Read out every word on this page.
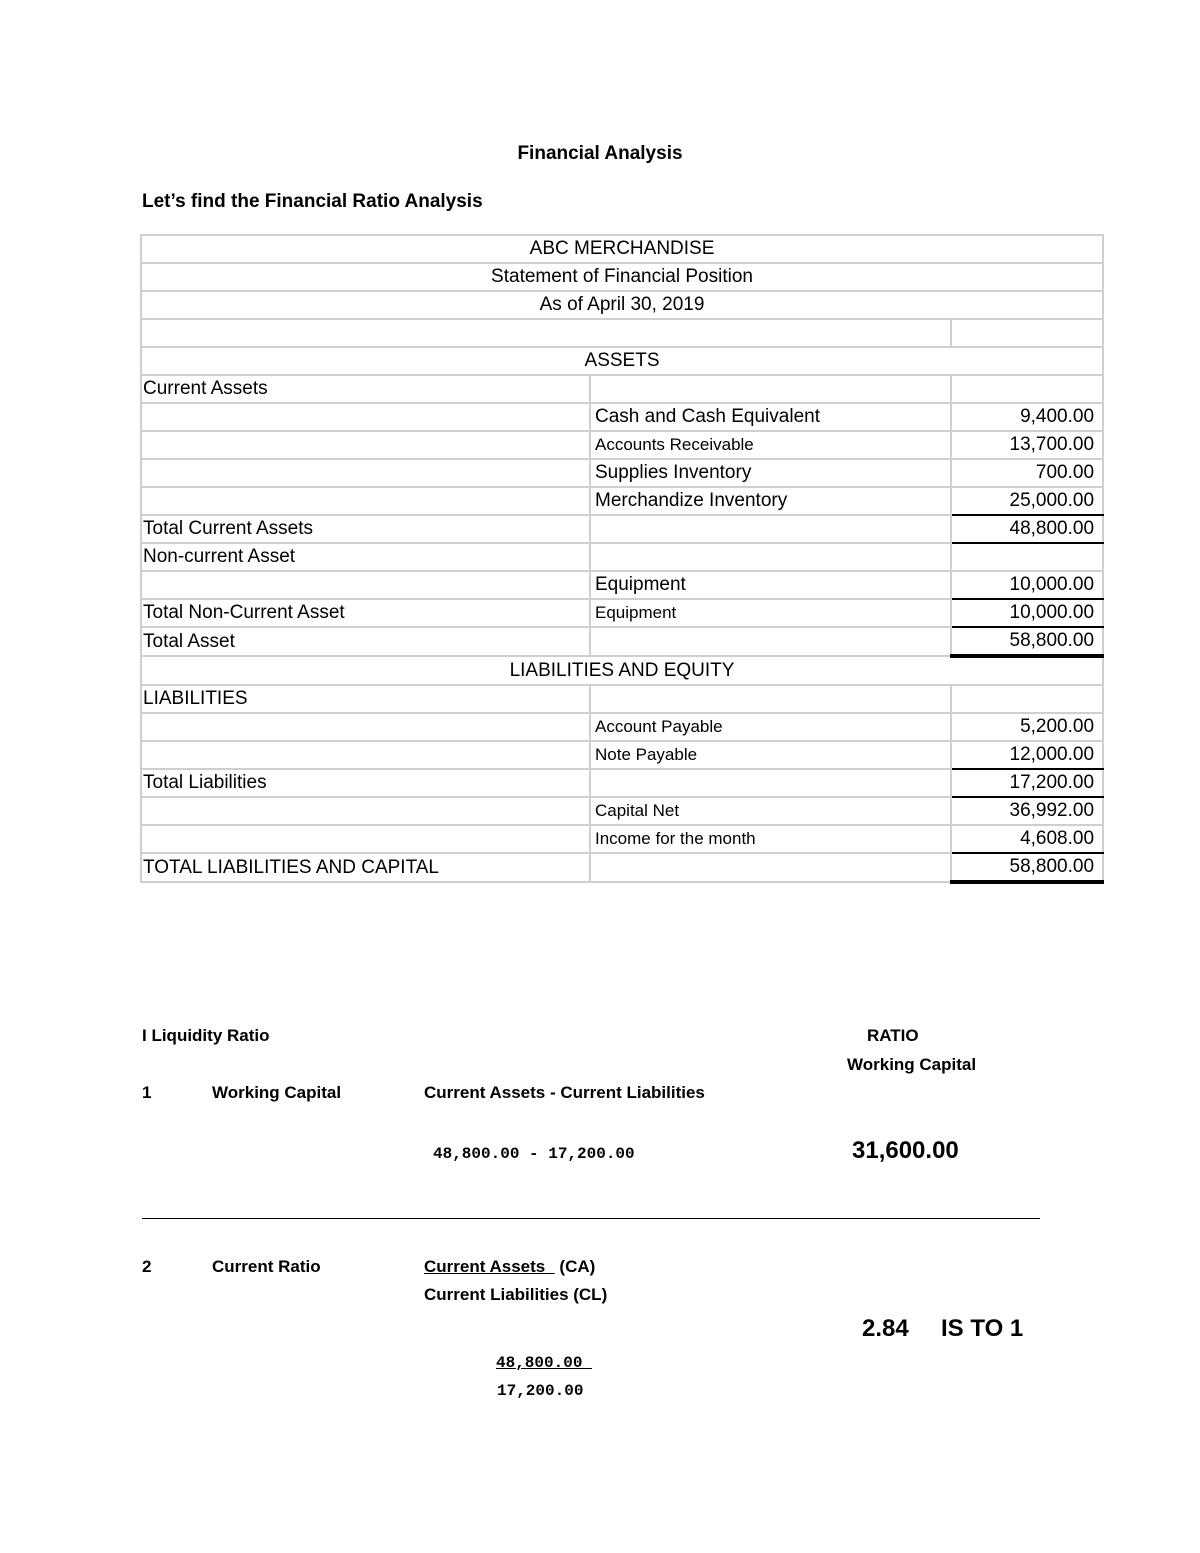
Financial Analysis
Let’s find the Financial Ratio Analysis
ABC MERCHANDISE		
Statement of Financial Position		
As of April 30, 2019		

ASSETS		
Current Assets		
	Cash and Cash Equivalent	9,400.00
	Accounts Receivable	13,700.00
	Supplies Inventory	700.00
	Merchandize Inventory	25,000.00
Total Current Assets		48,800.00
Non-current Asset		
	Equipment	10,000.00
Total Non-Current Asset	Equipment	10,000.00
Total Asset		58,800.00
LIABILITIES AND EQUITY		
LIABILITIES		
	Account Payable	5,200.00
	Note Payable	12,000.00
Total Liabilities		17,200.00
	Capital Net	36,992.00
	Income for the month	4,608.00
TOTAL LIABILITIES AND CAPITAL		58,800.00
I Liquidity Ratio	RATIO
Working Capital
1	Working Capital	Current Assets - Current Liabilities
48,800.00 - 17,200.00	31,600.00
2	Current Ratio	Current Assets   (CA)
Current Liabilities (CL)
2.84 IS TO 1
48,800.00
17,200.00
